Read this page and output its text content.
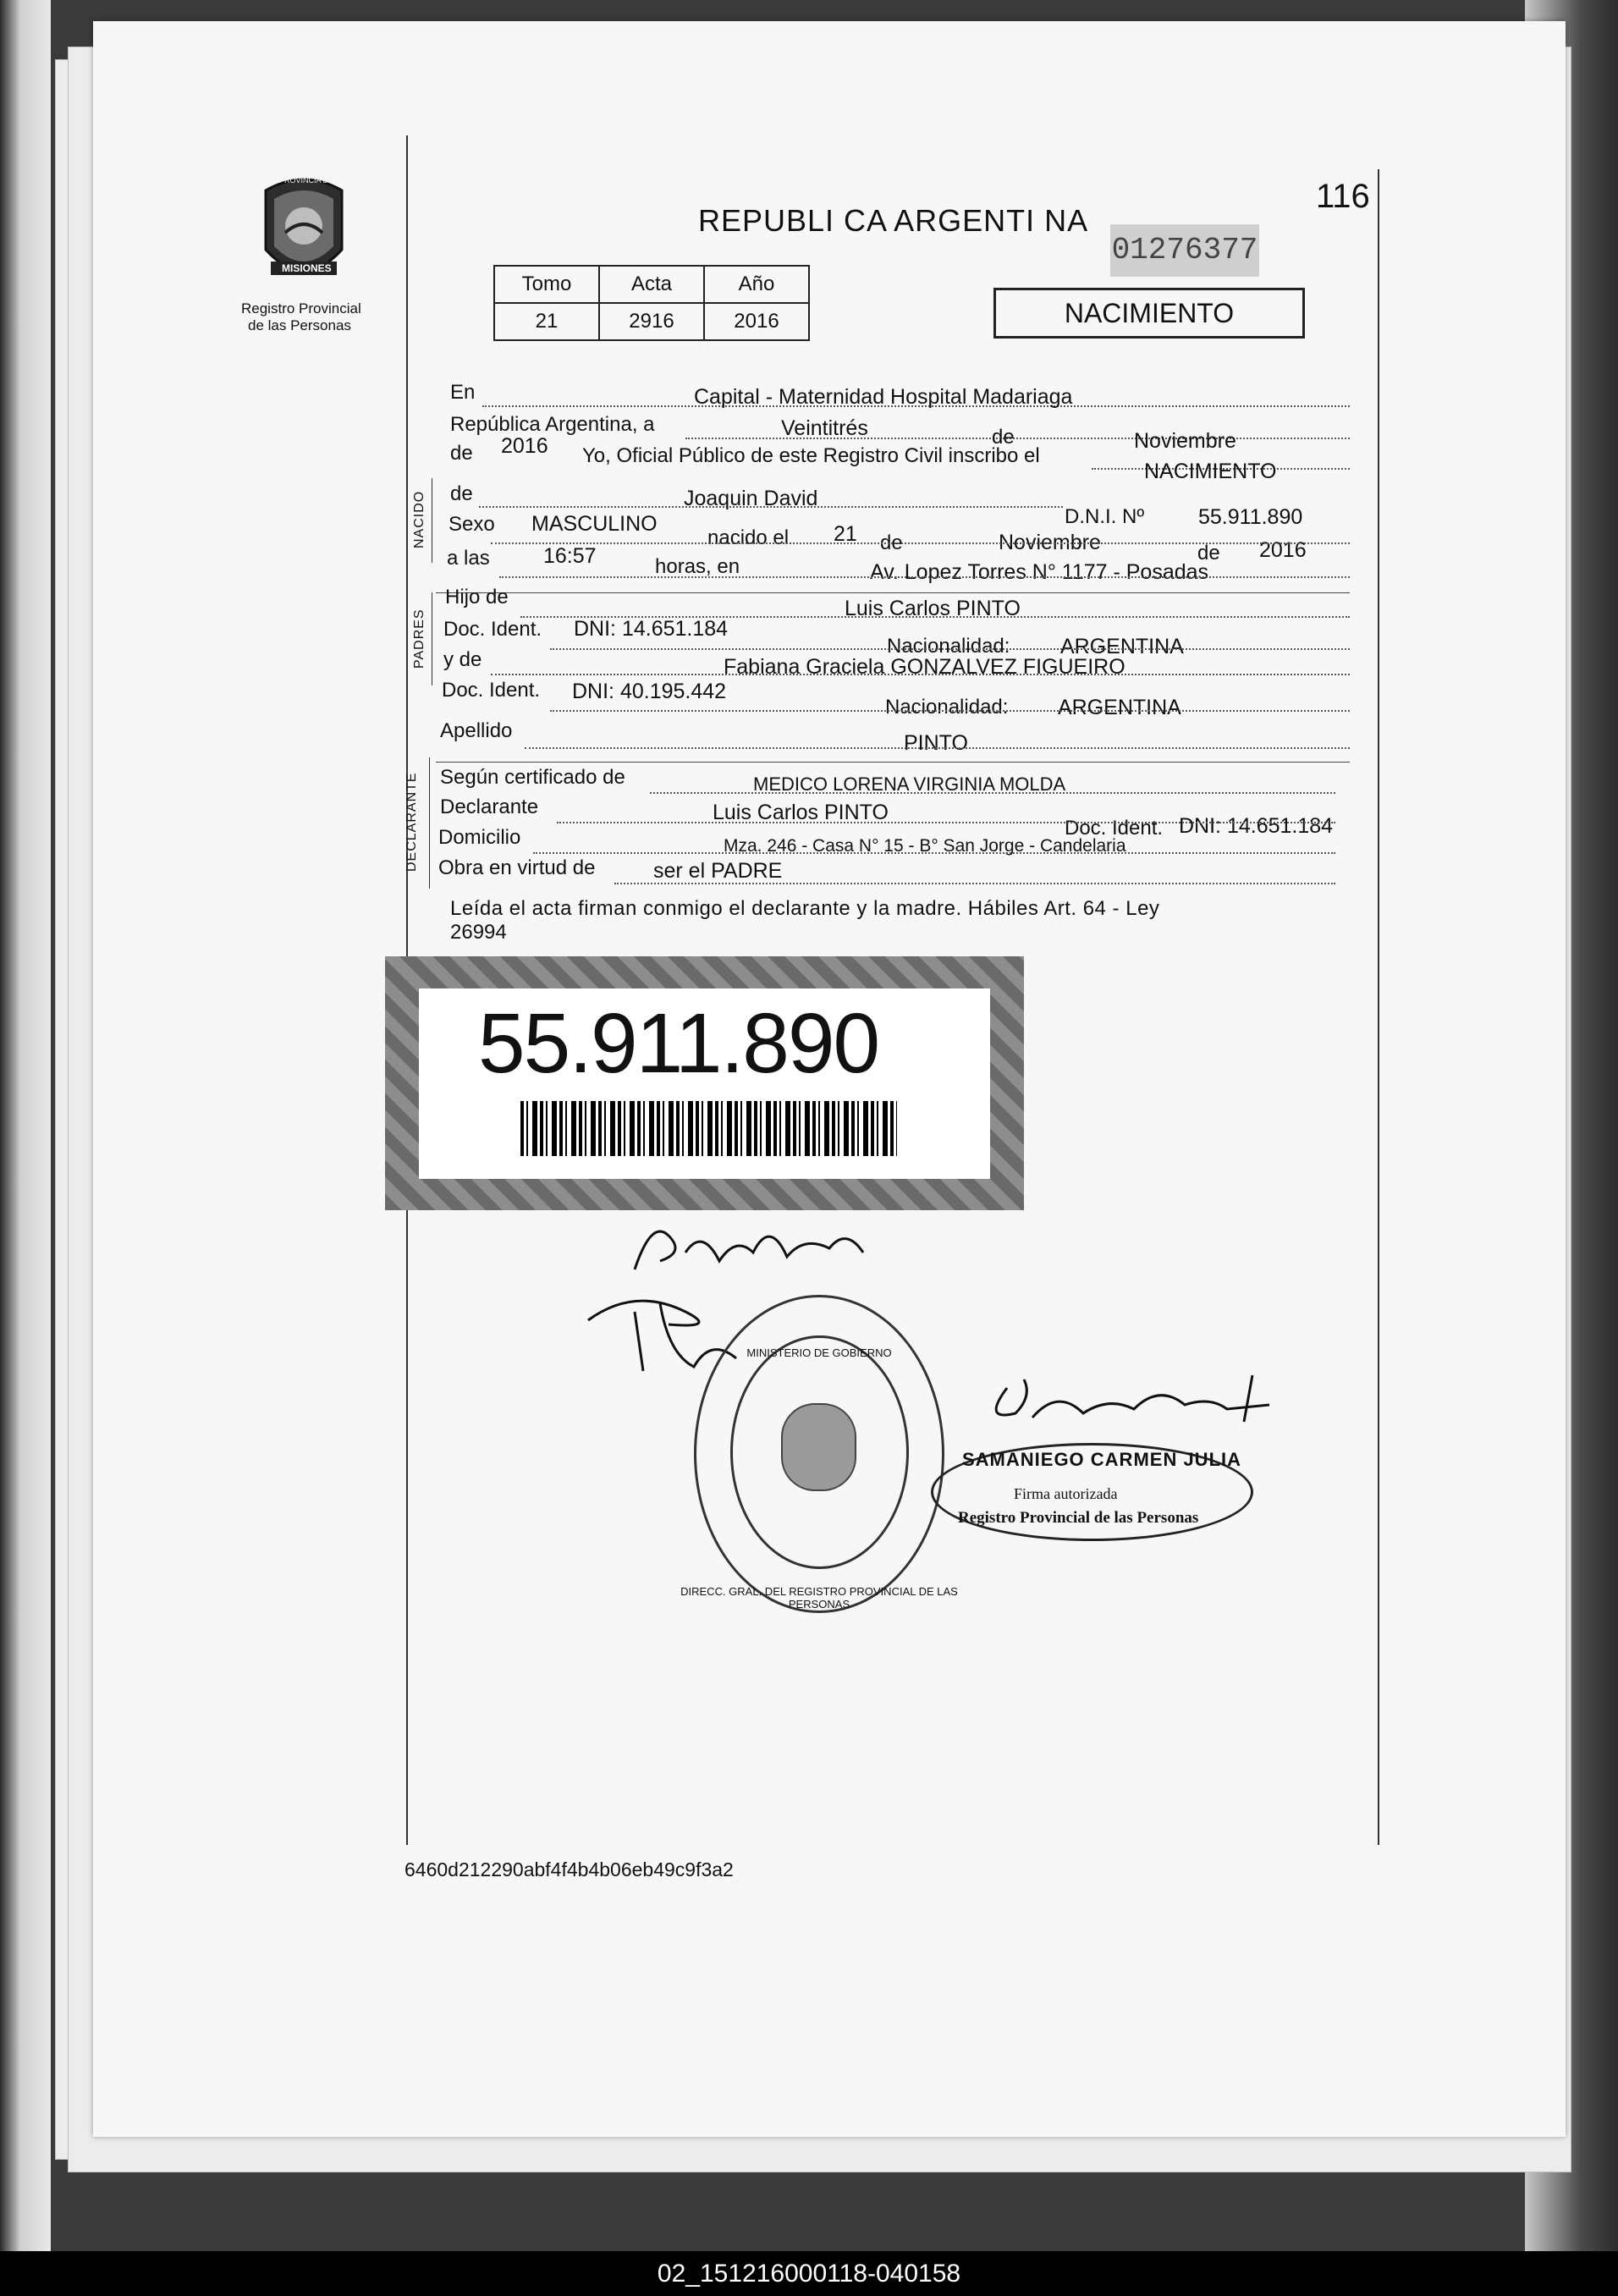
PROVINCIA DE
MISIONES
Registro Provincial
de las Personas
116
REPUBLI CA ARGENTI NA
01276377
Tomo	Acta	Año
21	2916	2016	NACIMIENTO
NACIDO
PADRES
DECLARANTE
En	Capital - Maternidad Hospital Madariaga
República Argentina, a	Veintitrés	de	Noviembre
de 2016 Yo, Oficial Público de este Registro Civil inscribo el
NACIMIENTO
de	Joaquin David
D.N.I. Nº	55.911.890
Sexo MASCULINO
nacido el 21 de	Noviembre	de 2016
a las	16:57	horas, en	Av. Lopez Torres N° 1177 - Posadas
Hijo de	Luis Carlos PINTO
Doc. Ident. DNI: 14.651.184
Nacionalidad: ARGENTINA
y de	Fabiana Graciela GONZALVEZ FIGUEIRO
Doc. Ident. DNI: 40.195.442
Nacionalidad: ARGENTINA
Apellido
PINTO
Según certificado de	MEDICO LORENA VIRGINIA MOLDA
Declarante	Luis Carlos PINTO
Doc. Ident. DNI: 14.651.184
Domicilio	Mza. 246 - Casa N° 15 - B° San Jorge - Candelaria
Obra en virtud de	ser el PADRE
Leída el acta firman conmigo el declarante y la madre. Hábiles Art. 64 - Ley
26994
55.911.890
DIRECC. GRAL. DEL REGISTRO PROVINCIAL DE LAS PERSONAS
MINISTERIO DE GOBIERNO
SAMANIEGO CARMEN JULIA
Firma autorizada
Registro Provincial de las Personas
6460d212290abf4f4b4b06eb49c9f3a2
02_151216000118-040158
